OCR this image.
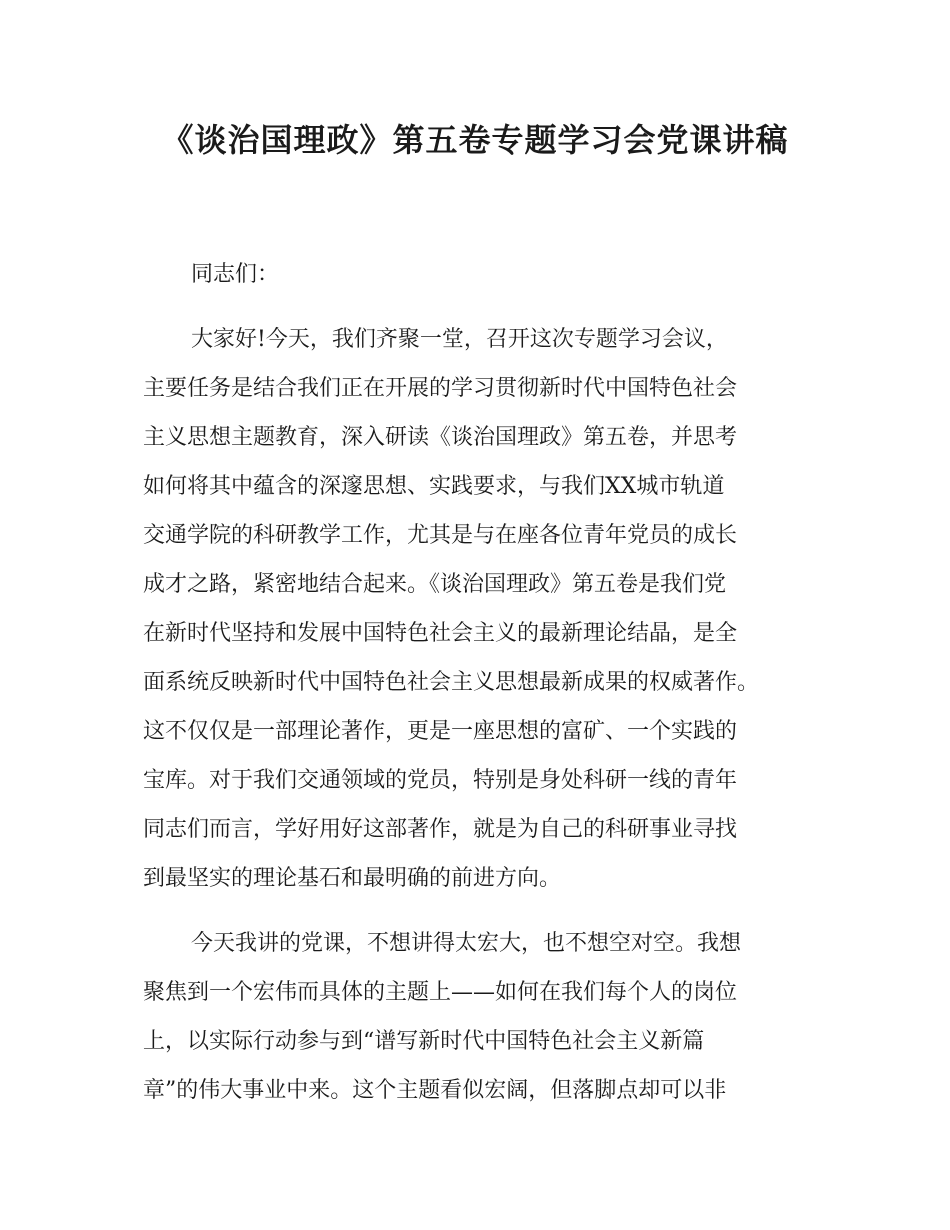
《谈治国理政》第五卷专题学习会党课讲稿
同志们：
大家好!今天，我们齐聚一堂，召开这次专题学习会议，
主要任务是结合我们正在开展的学习贯彻新时代中国特色社会
主义思想主题教育，深入研读《谈治国理政》第五卷，并思考
如何将其中蕴含的深邃思想、实践要求，与我们XX城市轨道
交通学院的科研教学工作，尤其是与在座各位青年党员的成长
成才之路，紧密地结合起来。《谈治国理政》第五卷是我们党
在新时代坚持和发展中国特色社会主义的最新理论结晶，是全
面系统反映新时代中国特色社会主义思想最新成果的权威著作。
这不仅仅是一部理论著作，更是一座思想的富矿、一个实践的
宝库。对于我们交通领域的党员，特别是身处科研一线的青年
同志们而言，学好用好这部著作，就是为自己的科研事业寻找
到最坚实的理论基石和最明确的前进方向。
今天我讲的党课，不想讲得太宏大，也不想空对空。我想
聚焦到一个宏伟而具体的主题上——如何在我们每个人的岗位
上，以实际行动参与到“谱写新时代中国特色社会主义新篇
章”的伟大事业中来。这个主题看似宏阔，但落脚点却可以非
